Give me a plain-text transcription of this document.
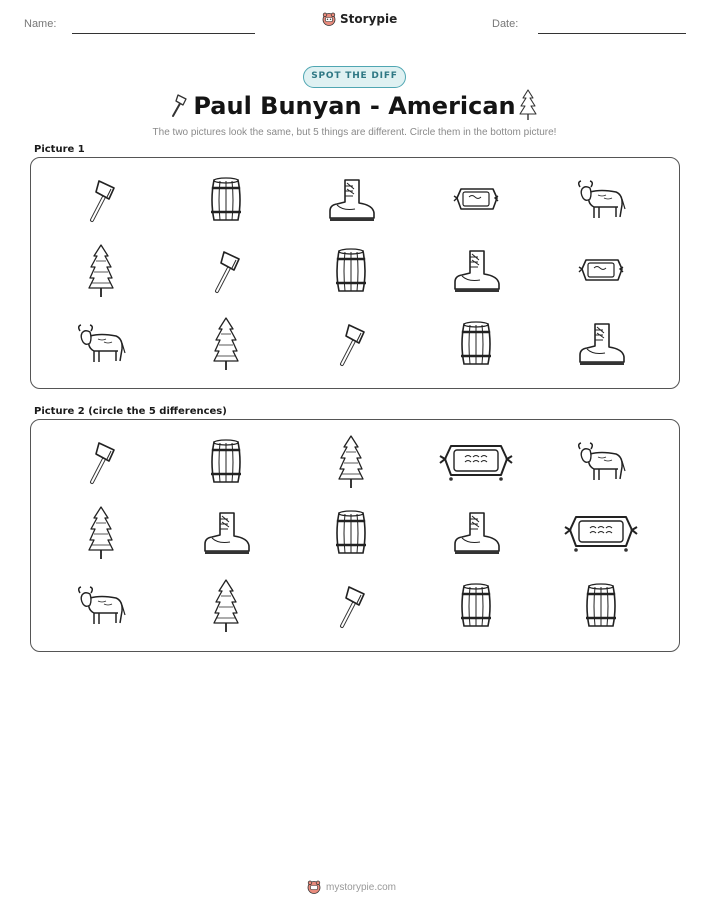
Name:	Storypie	Date:
SPOT THE DIFF
Paul Bunyan - American
The two pictures look the same, but 5 things are different. Circle them in the bottom picture!
Picture 1
Picture 2 (circle the 5 differences)
mystorypie.com
